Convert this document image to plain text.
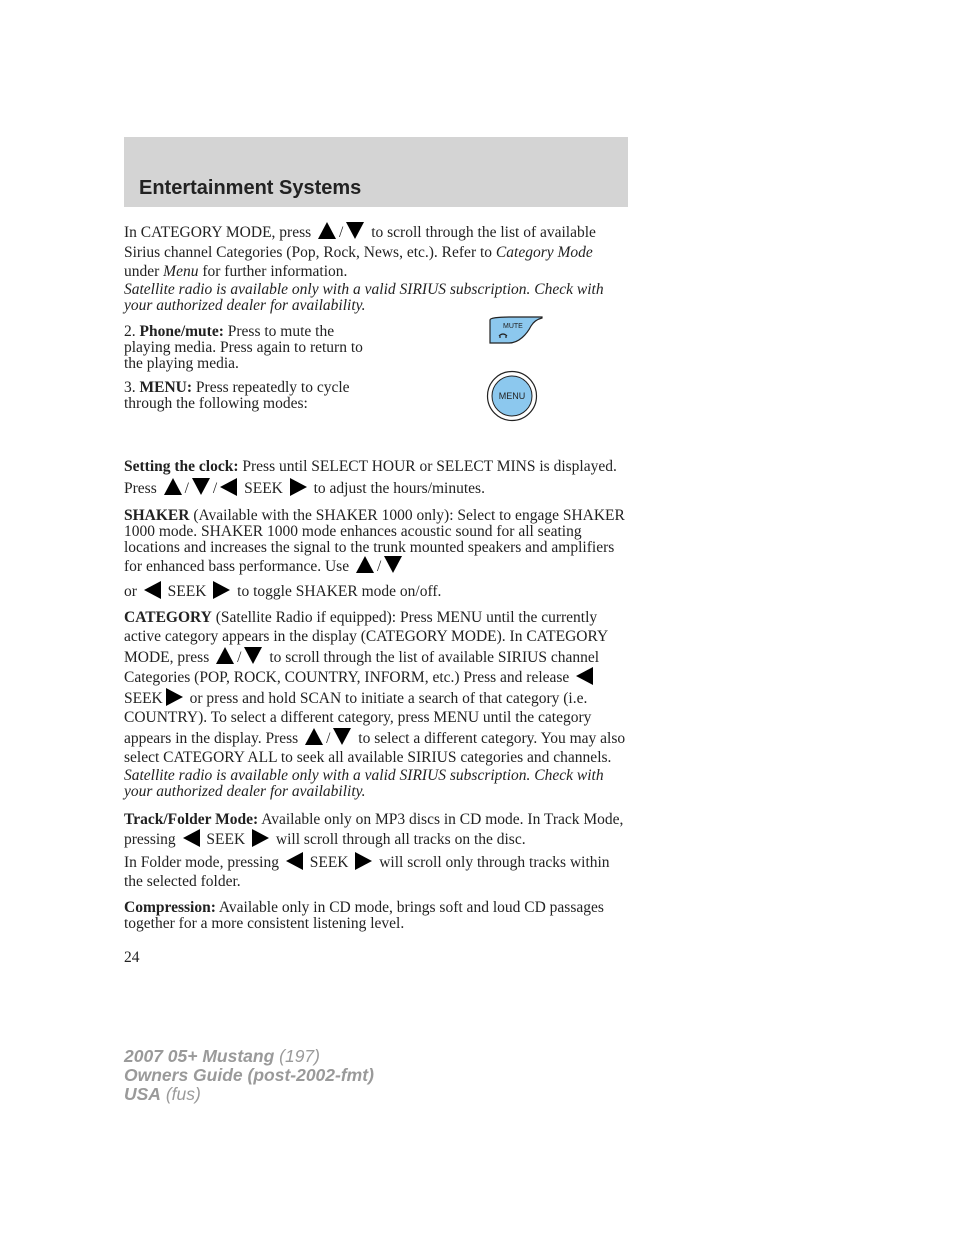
Entertainment Systems
MUTE
MENU

In CATEGORY MODE, press / to scroll through the list of available Sirius channel Categories (Pop, Rock, News, etc.). Refer to Category Mode under Menu for further information.

Satellite radio is available only with a valid SIRIUS subscription. Check with your authorized dealer for availability.

2. Phone/mute: Press to mute the playing media. Press again to return to the playing media.

3. MENU: Press repeatedly to cycle through the following modes:

Setting the clock: Press until SELECT HOUR or SELECT MINS is displayed. Press / / SEEK  to adjust the hours/minutes.

SHAKER (Available with the SHAKER 1000 only): Select to engage SHAKER 1000 mode. SHAKER 1000 mode enhances acoustic sound for all seating locations and increases the signal to the trunk mounted speakers and amplifiers for enhanced bass performance. Use /
or SEEK  to toggle SHAKER mode on/off.

CATEGORY (Satellite Radio if equipped): Press MENU until the currently active category appears in the display (CATEGORY MODE). In CATEGORY MODE, press / to scroll through the list of available SIRIUS channel Categories (POP, ROCK, COUNTRY, INFORM, etc.) Press and release  SEEK or press and hold SCAN to initiate a search of that category (i.e. COUNTRY). To select a different category, press MENU until the category appears in the display. Press / to select a different category. You may also select CATEGORY ALL to seek all available SIRIUS categories and channels.

Satellite radio is available only with a valid SIRIUS subscription. Check with your authorized dealer for availability.

Track/Folder Mode: Available only on MP3 discs in CD mode. In Track Mode, pressing SEEK  will scroll through all tracks on the disc.

In Folder mode, pressing SEEK  will scroll only through tracks within the selected folder.

Compression: Available only in CD mode, brings soft and loud CD passages together for a more consistent listening level.

24
2007 05+ Mustang (197)
Owners Guide (post-2002-fmt)
USA (fus)
